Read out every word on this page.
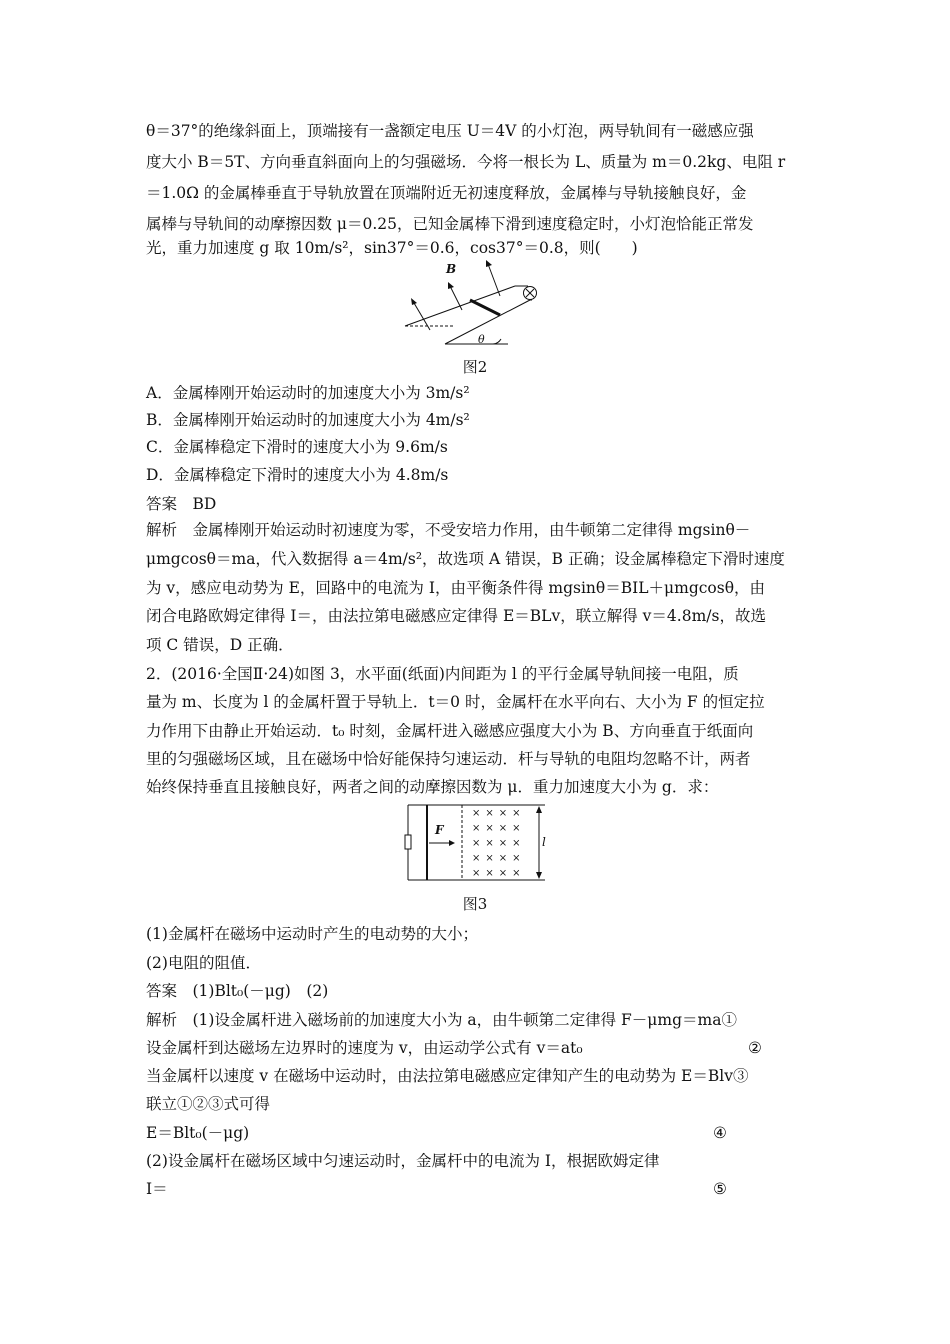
θ＝37°的绝缘斜面上，顶端接有一盏额定电压 U＝4V 的小灯泡，两导轨间有一磁感应强
度大小 B＝5T、方向垂直斜面向上的匀强磁场．今将一根长为 L、质量为 m＝0.2kg、电阻 r
＝1.0Ω 的金属棒垂直于导轨放置在顶端附近无初速度释放，金属棒与导轨接触良好，金
属棒与导轨间的动摩擦因数 μ＝0.25，已知金属棒下滑到速度稳定时，小灯泡恰能正常发
光，重力加速度 g 取 10m/s²，sin37°＝0.6，cos37°＝0.8，则(　　)
B
θ
图2
A．金属棒刚开始运动时的加速度大小为 3m/s²
B．金属棒刚开始运动时的加速度大小为 4m/s²
C．金属棒稳定下滑时的速度大小为 9.6m/s
D．金属棒稳定下滑时的速度大小为 4.8m/s
答案　BD
解析　金属棒刚开始运动时初速度为零，不受安培力作用，由牛顿第二定律得 mgsinθ－
μmgcosθ＝ma，代入数据得 a＝4m/s²，故选项 A 错误，B 正确；设金属棒稳定下滑时速度
为 v，感应电动势为 E，回路中的电流为 I，由平衡条件得 mgsinθ＝BIL＋μmgcosθ，由
闭合电路欧姆定律得 I＝，由法拉第电磁感应定律得 E＝BLv，联立解得 v＝4.8m/s，故选
项 C 错误，D 正确．
2．(2016·全国Ⅱ·24)如图 3，水平面(纸面)内间距为 l 的平行金属导轨间接一电阻，质
量为 m、长度为 l 的金属杆置于导轨上．t＝0 时，金属杆在水平向右、大小为 F 的恒定拉
力作用下由静止开始运动．t₀ 时刻，金属杆进入磁感应强度大小为 B、方向垂直于纸面向
里的匀强磁场区域，且在磁场中恰好能保持匀速运动．杆与导轨的电阻均忽略不计，两者
始终保持垂直且接触良好，两者之间的动摩擦因数为 μ．重力加速度大小为 g．求：
F
l
××××
××××
××××
××××
××××
图3
(1)金属杆在磁场中运动时产生的电动势的大小；
(2)电阻的阻值．
答案　(1)Blt₀(－μg)　(2)
解析　(1)设金属杆进入磁场前的加速度大小为 a，由牛顿第二定律得 F－μmg＝ma①
设金属杆到达磁场左边界时的速度为 v，由运动学公式有 v＝at₀	②
当金属杆以速度 v 在磁场中运动时，由法拉第电磁感应定律知产生的电动势为 E＝Blv③
联立①②③式可得
E＝Blt₀(－μg)	④
(2)设金属杆在磁场区域中匀速运动时，金属杆中的电流为 I，根据欧姆定律
I＝	⑤
